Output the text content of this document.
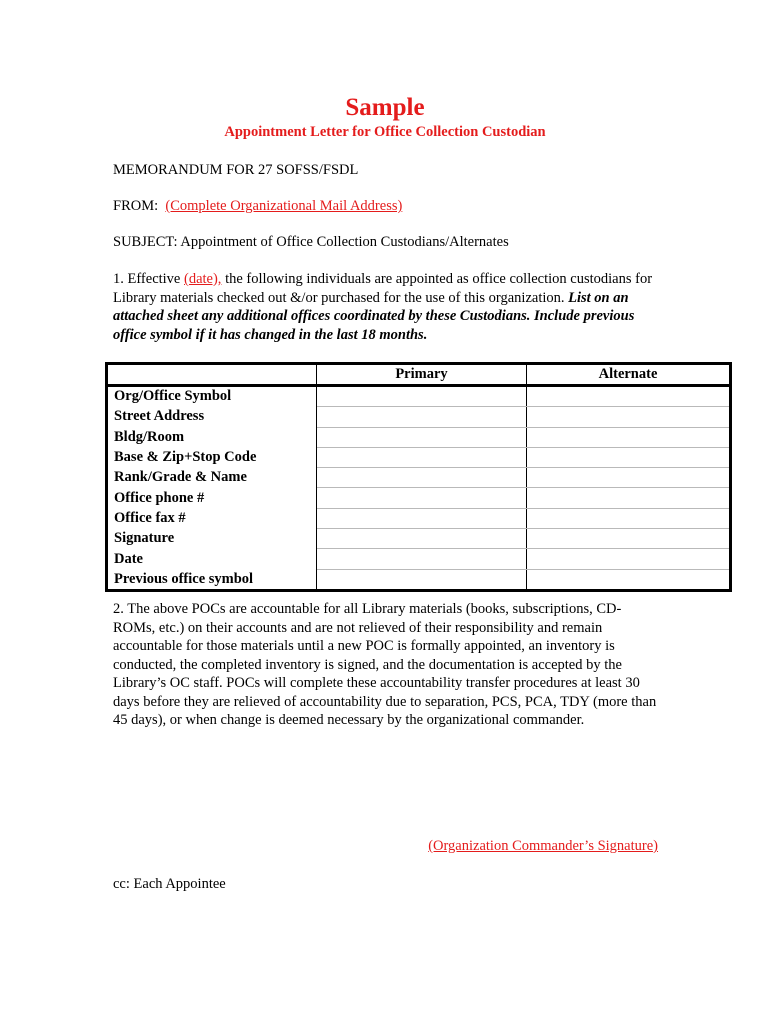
Sample
Appointment Letter for Office Collection Custodian
MEMORANDUM FOR 27 SOFSS/FSDL
FROM: (Complete Organizational Mail Address)
SUBJECT: Appointment of Office Collection Custodians/Alternates
1. Effective (date), the following individuals are appointed as office collection custodians for Library materials checked out &/or purchased for the use of this organization. List on an attached sheet any additional offices coordinated by these Custodians. Include previous office symbol if it has changed in the last 18 months.
	Primary	Alternate
Org/Office Symbol		
Street Address		
Bldg/Room		
Base & Zip+Stop Code		
Rank/Grade & Name		
Office phone #		
Office fax #		
Signature		
Date		
Previous office symbol		
2. The above POCs are accountable for all Library materials (books, subscriptions, CD-ROMs, etc.) on their accounts and are not relieved of their responsibility and remain accountable for those materials until a new POC is formally appointed, an inventory is conducted, the completed inventory is signed, and the documentation is accepted by the Library’s OC staff. POCs will complete these accountability transfer procedures at least 30 days before they are relieved of accountability due to separation, PCS, PCA, TDY (more than 45 days), or when change is deemed necessary by the organizational commander.
(Organization Commander’s Signature)
cc: Each Appointee
